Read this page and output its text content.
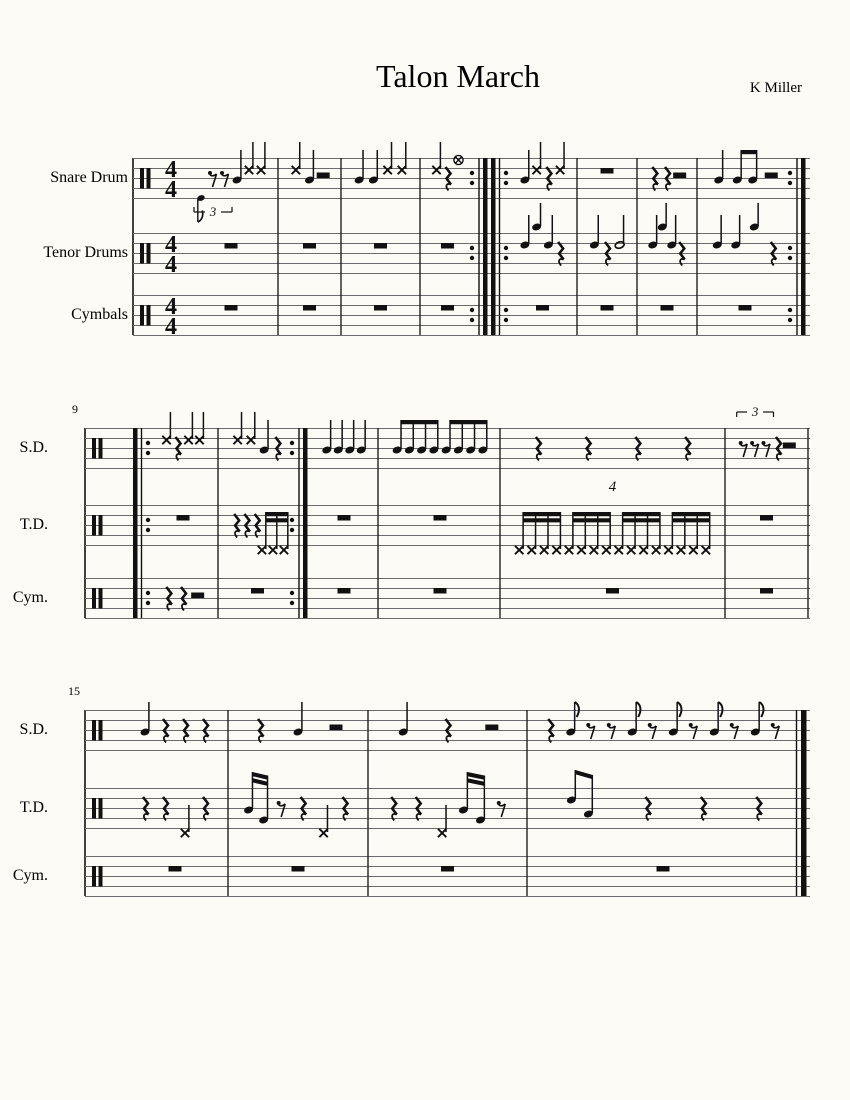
Talon March	K Miller
Snare Drum
Tenor Drums
Cymbals
S.D.
T.D.
Cym.
S.D.
T.D.
Cym.
9
15
4
4
4
4
4
4
3
3
4
